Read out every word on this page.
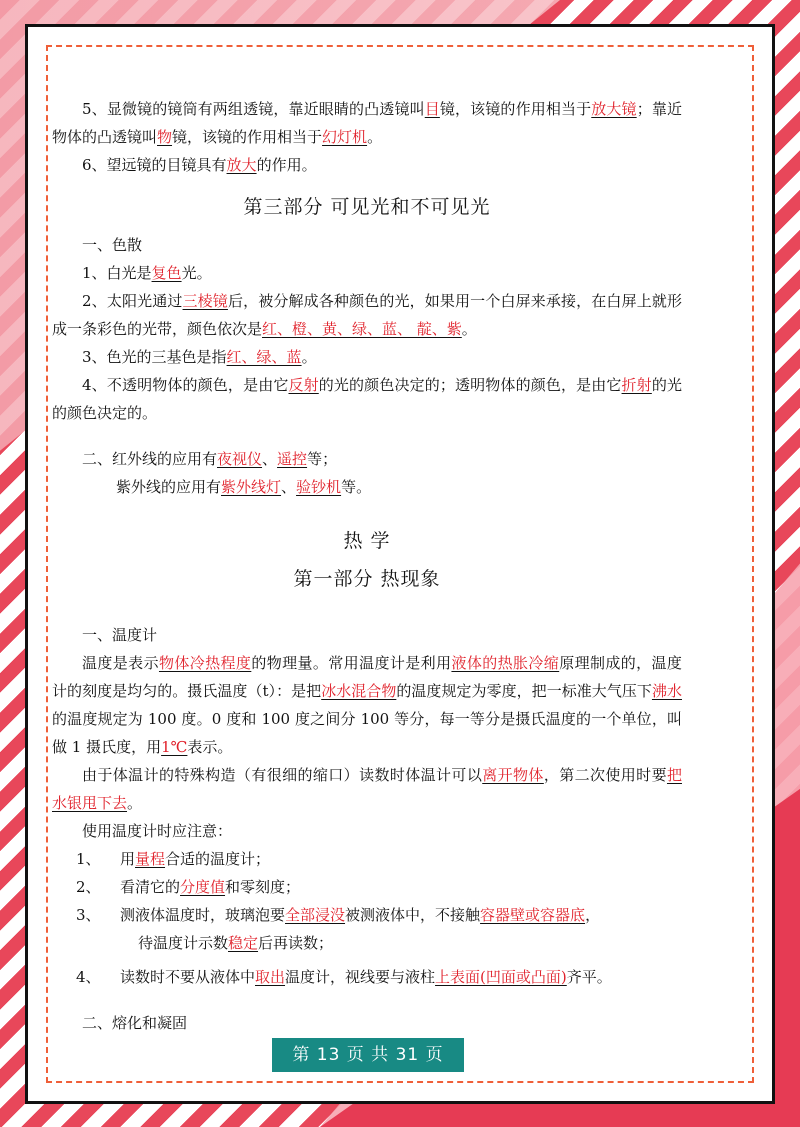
5、显微镜的镜筒有两组透镜，靠近眼睛的凸透镜叫目镜，该镜的作用相当于放大镜；靠近物体的凸透镜叫物镜，该镜的作用相当于幻灯机。

6、望远镜的目镜具有放大的作用。

第三部分 可见光和不可见光

一、色散

1、白光是复色光。

2、太阳光通过三棱镜后，被分解成各种颜色的光，如果用一个白屏来承接，在白屏上就形成一条彩色的光带，颜色依次是红、橙、黄、绿、蓝、 靛、紫。

3、色光的三基色是指红、绿、蓝。

4、不透明物体的颜色，是由它反射的光的颜色决定的；透明物体的颜色，是由它折射的光的颜色决定的。

二、红外线的应用有夜视仪、遥控等；

紫外线的应用有紫外线灯、验钞机等。

热 学
第一部分 热现象

一、温度计

温度是表示物体冷热程度的物理量。常用温度计是利用液体的热胀冷缩原理制成的，温度计的刻度是均匀的。摄氏温度（t）：是把冰水混合物的温度规定为零度，把一标准大气压下沸水的温度规定为 100 度。0 度和 100 度之间分 100 等分，每一等分是摄氏温度的一个单位，叫做 1 摄氏度，用1℃表示。

由于体温计的特殊构造（有很细的缩口）读数时体温计可以离开物体，第二次使用时要把水银甩下去。

使用温度计时应注意：

1、 用量程合适的温度计；

2、 看清它的分度值和零刻度；

3、 测液体温度时，玻璃泡要全部浸没被测液体中，不接触容器壁或容器底，

待温度计示数稳定后再读数；

4、 读数时不要从液体中取出温度计，视线要与液柱上表面(凹面或凸面)齐平。

二、熔化和凝固

第 13 页 共 31 页
